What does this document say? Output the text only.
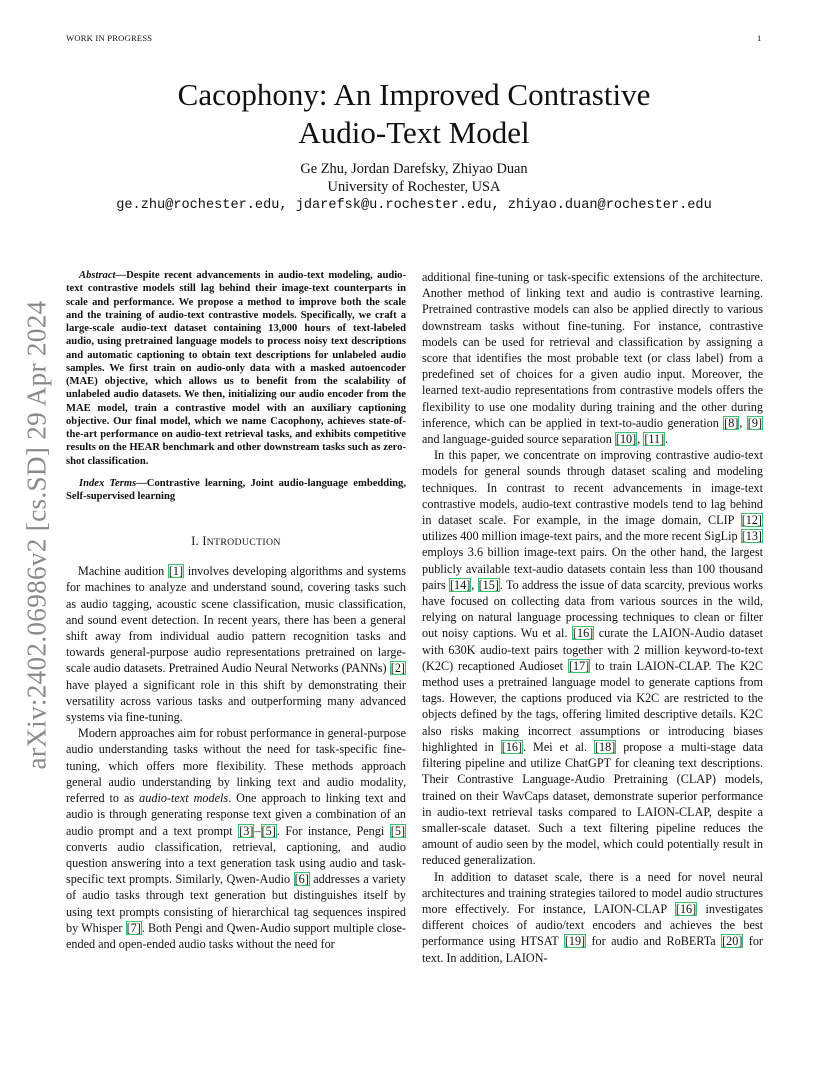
WORK IN PROGRESS	1
arXiv:2402.06986v2 [cs.SD] 29 Apr 2024
Cacophony: An Improved Contrastive
Audio-Text Model
Ge Zhu, Jordan Darefsky, Zhiyao Duan
University of Rochester, USA
ge.zhu@rochester.edu, jdarefsk@u.rochester.edu, zhiyao.duan@rochester.edu

Abstract—Despite recent advancements in audio-text modeling, audio-text contrastive models still lag behind their image-text counterparts in scale and performance. We propose a method to improve both the scale and the training of audio-text contrastive models. Specifically, we craft a large-scale audio-text dataset containing 13,000 hours of text-labeled audio, using pretrained language models to process noisy text descriptions and automatic captioning to obtain text descriptions for unlabeled audio samples. We first train on audio-only data with a masked autoencoder (MAE) objective, which allows us to benefit from the scalability of unlabeled audio datasets. We then, initializing our audio encoder from the MAE model, train a contrastive model with an auxiliary captioning objective. Our final model, which we name Cacophony, achieves state-of-the-art performance on audio-text retrieval tasks, and exhibits competitive results on the HEAR benchmark and other downstream tasks such as zero-shot classification.

Index Terms—Contrastive learning, Joint audio-language embedding, Self-supervised learning

I. INTRODUCTION

Machine audition [1] involves developing algorithms and systems for machines to analyze and understand sound, covering tasks such as audio tagging, acoustic scene classification, music classification, and sound event detection. In recent years, there has been a general shift away from individual audio pattern recognition tasks and towards general-purpose audio representations pretrained on large-scale audio datasets. Pretrained Audio Neural Networks (PANNs) [2] have played a significant role in this shift by demonstrating their versatility across various tasks and outperforming many advanced systems via fine-tuning.

Modern approaches aim for robust performance in general-purpose audio understanding tasks without the need for task-specific fine-tuning, which offers more flexibility. These methods approach general audio understanding by linking text and audio modality, referred to as audio-text models. One approach to linking text and audio is through generating response text given a combination of an audio prompt and a text prompt [3]–[5]. For instance, Pengi [5] converts audio classification, retrieval, captioning, and audio question answering into a text generation task using audio and task-specific text prompts. Similarly, Qwen-Audio [6] addresses a variety of audio tasks through text generation but distinguishes itself by using text prompts consisting of hierarchical tag sequences inspired by Whisper [7]. Both Pengi and Qwen-Audio support multiple close-ended and open-ended audio tasks without the need for

additional fine-tuning or task-specific extensions of the architecture. Another method of linking text and audio is contrastive learning. Pretrained contrastive models can also be applied directly to various downstream tasks without fine-tuning. For instance, contrastive models can be used for retrieval and classification by assigning a score that identifies the most probable text (or class label) from a predefined set of choices for a given audio input. Moreover, the learned text-audio representations from contrastive models offers the flexibility to use one modality during training and the other during inference, which can be applied in text-to-audio generation [8], [9] and language-guided source separation [10], [11].

In this paper, we concentrate on improving contrastive audio-text models for general sounds through dataset scaling and modeling techniques. In contrast to recent advancements in image-text contrastive models, audio-text contrastive models tend to lag behind in dataset scale. For example, in the image domain, CLIP [12] utilizes 400 million image-text pairs, and the more recent SigLip [13] employs 3.6 billion image-text pairs. On the other hand, the largest publicly available text-audio datasets contain less than 100 thousand pairs [14], [15]. To address the issue of data scarcity, previous works have focused on collecting data from various sources in the wild, relying on natural language processing techniques to clean or filter out noisy captions. Wu et al. [16] curate the LAION-Audio dataset with 630K audio-text pairs together with 2 million keyword-to-text (K2C) recaptioned Audioset [17] to train LAION-CLAP. The K2C method uses a pretrained language model to generate captions from tags. However, the captions produced via K2C are restricted to the objects defined by the tags, offering limited descriptive details. K2C also risks making incorrect assumptions or introducing biases highlighted in [16]. Mei et al. [18] propose a multi-stage data filtering pipeline and utilize ChatGPT for cleaning text descriptions. Their Contrastive Language-Audio Pretraining (CLAP) models, trained on their WavCaps dataset, demonstrate superior performance in audio-text retrieval tasks compared to LAION-CLAP, despite a smaller-scale dataset. Such a text filtering pipeline reduces the amount of audio seen by the model, which could potentially result in reduced generalization.

In addition to dataset scale, there is a need for novel neural architectures and training strategies tailored to model audio structures more effectively. For instance, LAION-CLAP [16] investigates different choices of audio/text encoders and achieves the best performance using HTSAT [19] for audio and RoBERTa [20] for text. In addition, LAION-
